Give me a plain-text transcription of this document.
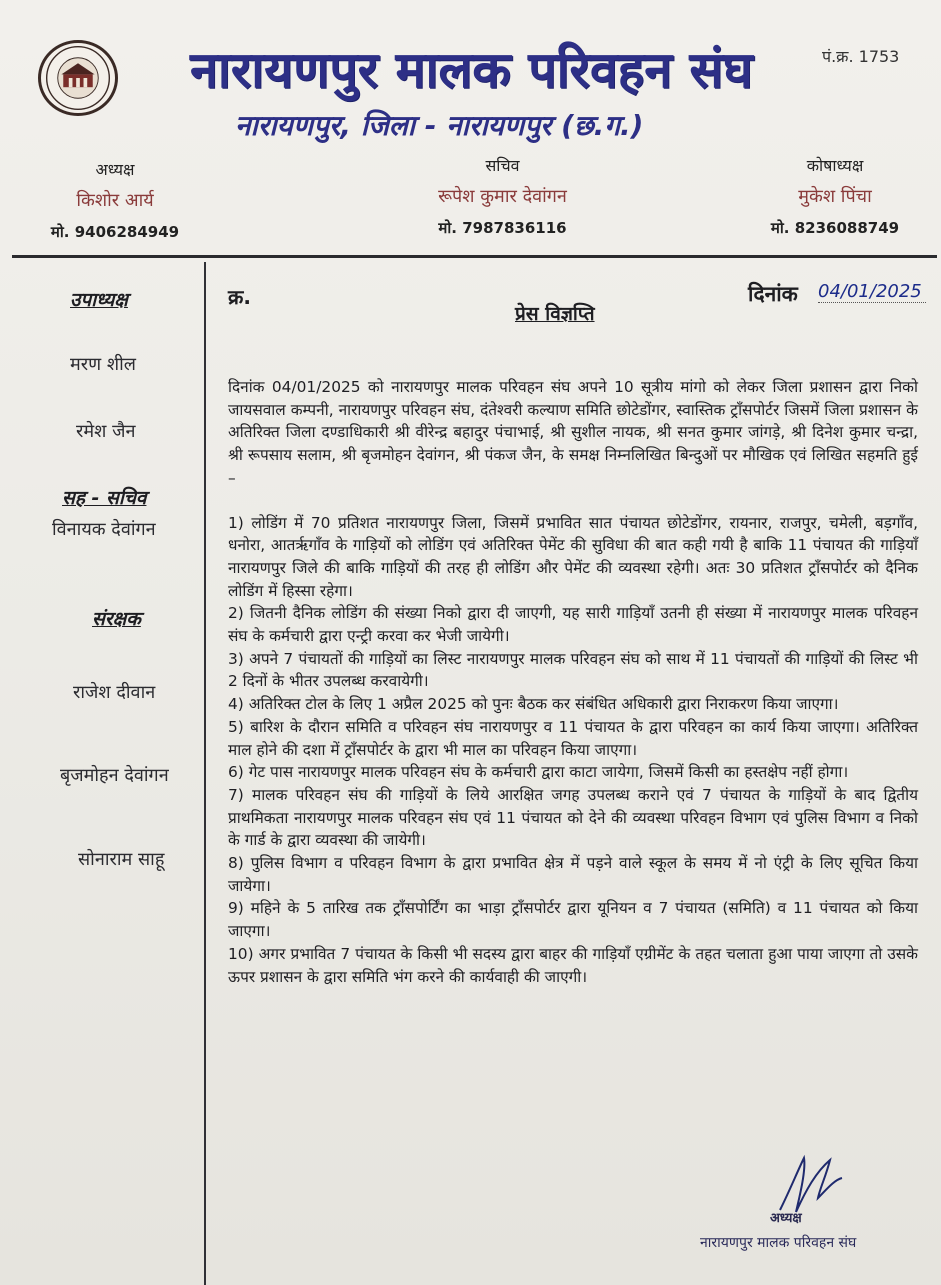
नारायणपुर मालक परिवहन संघ	पं.क्र. 1753
नारायणपुर, जिला - नारायणपुर (छ.ग.)
अध्यक्ष
किशोर आर्य
मो. 9406284949
सचिव
रूपेश कुमार देवांगन
मो. 7987836116
कोषाध्यक्ष
मुकेश पिंचा
मो. 8236088749
उपाध्यक्ष
मरण शील
रमेश जैन
सह - सचिव
विनायक देवांगन
संरक्षक
राजेश दीवान
बृजमोहन देवांगन
सोनाराम साहू
क्र.	दिनांक 04/01/2025
प्रेस विज्ञप्ति

दिनांक 04/01/2025 को नारायणपुर मालक परिवहन संघ अपने 10 सूत्रीय मांगो को लेकर जिला प्रशासन द्वारा निको जायसवाल कम्पनी, नारायणपुर परिवहन संघ, दंतेश्वरी कल्याण समिति छोटेडोंगर, स्वास्तिक ट्राँसपोर्टर जिसमें जिला प्रशासन के अतिरिक्त जिला दण्डाधिकारी श्री वीरेन्द्र बहादुर पंचाभाई, श्री सुशील नायक, श्री सनत कुमार जांगड़े, श्री दिनेश कुमार चन्द्रा, श्री रूपसाय सलाम, श्री बृजमोहन देवांगन, श्री पंकज जैन, के समक्ष निम्नलिखित बिन्दुओं पर मौखिक एवं लिखित सहमति हुई –

1) लोडिंग में 70 प्रतिशत नारायणपुर जिला, जिसमें प्रभावित सात पंचायत छोटेडोंगर, रायनार, राजपुर, चमेली, बड़गाँव, धनोरा, आतरृगाँव के गाड़ियों को लोडिंग एवं अतिरिक्त पेमेंट की सुविधा की बात कही गयी है बाकि 11 पंचायत की गाड़ियाँ नारायणपुर जिले की बाकि गाड़ियों की तरह ही लोडिंग और पेमेंट की व्यवस्था रहेगी। अतः 30 प्रतिशत ट्राँसपोर्टर को दैनिक लोडिंग में हिस्सा रहेगा।

2) जितनी दैनिक लोडिंग की संख्या निको द्वारा दी जाएगी, यह सारी गाड़ियाँ उतनी ही संख्या में नारायणपुर मालक परिवहन संघ के कर्मचारी द्वारा एन्ट्री करवा कर भेजी जायेगी।

3) अपने 7 पंचायतों की गाड़ियों का लिस्ट नारायणपुर मालक परिवहन संघ को साथ में 11 पंचायतों की गाड़ियों की लिस्ट भी 2 दिनों के भीतर उपलब्ध करवायेगी।

4) अतिरिक्त टोल के लिए 1 अप्रैल 2025 को पुनः बैठक कर संबंधित अधिकारी द्वारा निराकरण किया जाएगा।

5) बारिश के दौरान समिति व परिवहन संघ नारायणपुर व 11 पंचायत के द्वारा परिवहन का कार्य किया जाएगा। अतिरिक्त माल होने की दशा में ट्राँसपोर्टर के द्वारा भी माल का परिवहन किया जाएगा।

6) गेट पास नारायणपुर मालक परिवहन संघ के कर्मचारी द्वारा काटा जायेगा, जिसमें किसी का हस्तक्षेप नहीं होगा।

7) मालक परिवहन संघ की गाड़ियों के लिये आरक्षित जगह उपलब्ध कराने एवं 7 पंचायत के गाड़ियों के बाद द्वितीय प्राथमिकता नारायणपुर मालक परिवहन संघ एवं 11 पंचायत को देने की व्यवस्था परिवहन विभाग एवं पुलिस विभाग व निको के गार्ड के द्वारा व्यवस्था की जायेगी।

8) पुलिस विभाग व परिवहन विभाग के द्वारा प्रभावित क्षेत्र में पड़ने वाले स्कूल के समय में नो एंट्री के लिए सूचित किया जायेगा।

9) महिने के 5 तारिख तक ट्राँसपोर्टिंग का भाड़ा ट्राँसपोर्टर द्वारा यूनियन व 7 पंचायत (समिति) व 11 पंचायत को किया जाएगा।

10) अगर प्रभावित 7 पंचायत के किसी भी सदस्य द्वारा बाहर की गाड़ियाँ एग्रीमेंट के तहत चलाता हुआ पाया जाएगा तो उसके ऊपर प्रशासन के द्वारा समिति भंग करने की कार्यवाही की जाएगी।

अध्यक्ष
नारायणपुर मालक परिवहन संघ
